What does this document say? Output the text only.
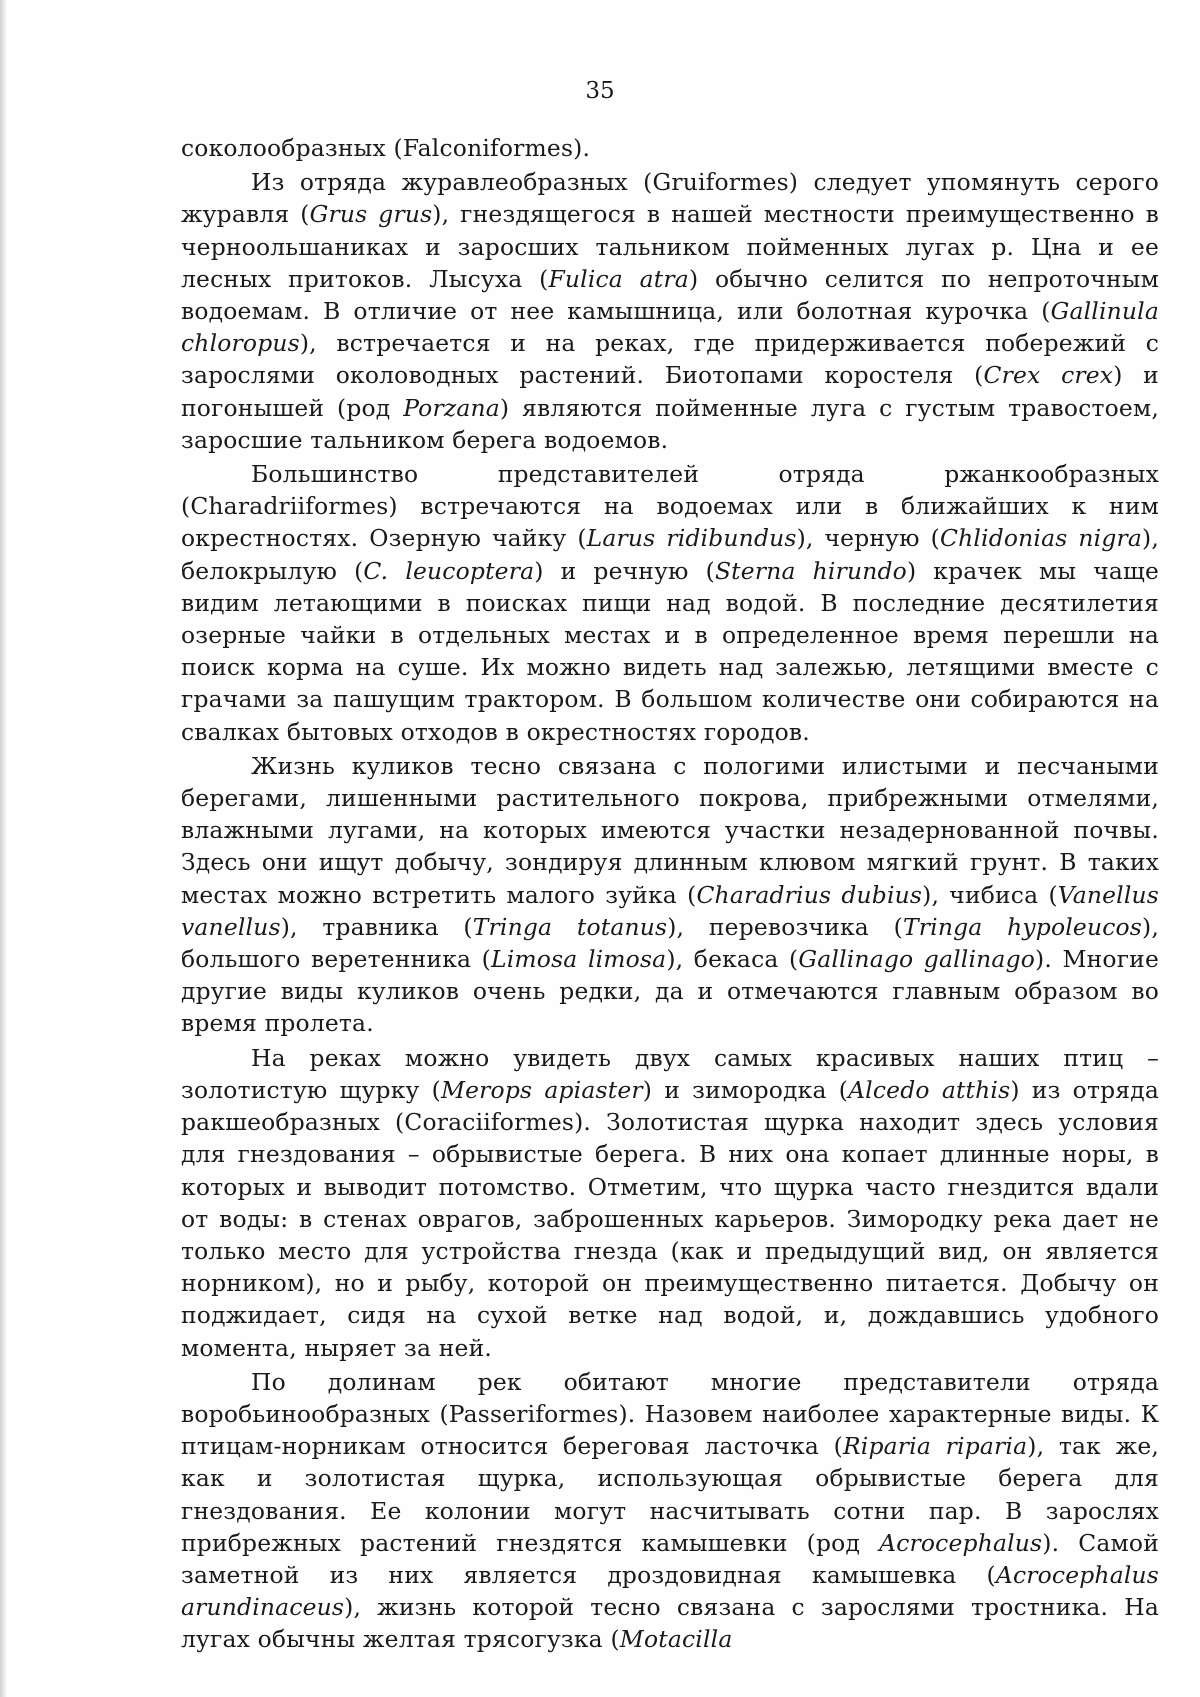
35

соколообразных (Falconiformes).

Из отряда журавлеобразных (Gruiformes) следует упомянуть серого журавля (Grus grus), гнездящегося в нашей местности преимущественно в черноольшаниках и заросших тальником пойменных лугах р. Цна и ее лесных притоков. Лысуха (Fulica atra) обычно селится по непроточным водоемам. В отличие от нее камышница, или болотная курочка (Gallinula chloropus), встречается и на реках, где придерживается побережий с зарослями околоводных растений. Биотопами коростеля (Crex crex) и погонышей (род Porzana) являются пойменные луга с густым травостоем, заросшие тальником берега водоемов.

Большинство представителей отряда ржанкообразных (Charadriiformes) встречаются на водоемах или в ближайших к ним окрестностях. Озерную чайку (Larus ridibundus), черную (Chlidonias nigra), белокрылую (C. leucoptera) и речную (Sterna hirundo) крачек мы чаще видим летающими в поисках пищи над водой. В последние десятилетия озерные чайки в отдельных местах и в определенное время перешли на поиск корма на суше. Их можно видеть над залежью, летящими вместе с грачами за пашущим трактором. В большом количестве они собираются на свалках бытовых отходов в окрестностях городов.

Жизнь куликов тесно связана с пологими илистыми и песчаными берегами, лишенными растительного покрова, прибрежными отмелями, влажными лугами, на которых имеются участки незадернованной почвы. Здесь они ищут добычу, зондируя длинным клювом мягкий грунт. В таких местах можно встретить малого зуйка (Charadrius dubius), чибиса (Vanellus vanellus), травника (Tringa totanus), перевозчика (Tringa hypoleucos), большого веретенника (Limosa limosa), бекаса (Gallinago gallinago). Многие другие виды куликов очень редки, да и отмечаются главным образом во время пролета.

На реках можно увидеть двух самых красивых наших птиц – золотистую щурку (Merops apiaster) и зимородка (Alcedo atthis) из отряда ракшеобразных (Coraciiformes). Золотистая щурка находит здесь условия для гнездования – обрывистые берега. В них она копает длинные норы, в которых и выводит потомство. Отметим, что щурка часто гнездится вдали от воды: в стенах оврагов, заброшенных карьеров. Зимородку река дает не только место для устройства гнезда (как и предыдущий вид, он является норником), но и рыбу, которой он преимущественно питается. Добычу он поджидает, сидя на сухой ветке над водой, и, дождавшись удобного момента, ныряет за ней.

По долинам рек обитают многие представители отряда воробьинообразных (Passeriformes). Назовем наиболее характерные виды. К птицам-норникам относится береговая ласточка (Riparia riparia), так же, как и золотистая щурка, использующая обрывистые берега для гнездования. Ее колонии могут насчитывать сотни пар. В зарослях прибрежных растений гнездятся камышевки (род Acrocephalus). Самой заметной из них является дроздовидная камышевка (Acrocephalus arundinaceus), жизнь которой тесно связана с зарослями тростника. На лугах обычны желтая трясогузка (Motacilla
